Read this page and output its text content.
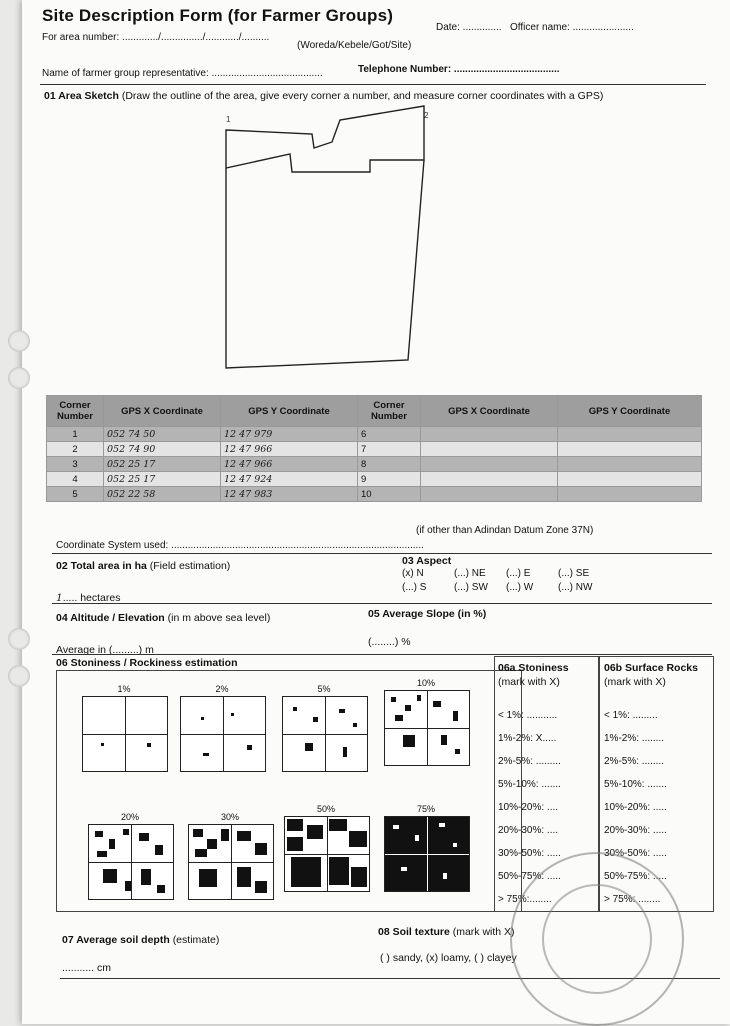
Site Description Form (for Farmer Groups)
For area number: ............./.............../............/..........
Date: .............. Officer name: ......................
(Woreda/Kebele/Got/Site)
Name of farmer group representative: ........................................	Telephone Number: ......................................
01 Area Sketch (Draw the outline of the area, give every corner a number, and measure corner coordinates with a GPS)
1	2
Corner Number	GPS X Coordinate	GPS Y Coordinate	Corner Number	GPS X Coordinate	GPS Y Coordinate
1	052 74 50	12 47 979	6		
2	052 74 90	12 47 966	7		
3	052 25 17	12 47 966	8		
4	052 25 17	12 47 924	9		
5	052 22 58	12 47 983	10		
Coordinate System used: ...........................................................................................
(if other than Adindan Datum Zone 37N)
02 Total area in ha (Field estimation)
1..... hectares
03 Aspect
(x) N	(...) NE (...) E	(...) SE
(...) S	(...) SW (...) W (...) NW
04 Altitude / Elevation (in m above sea level)
Average in (.........) m
05 Average Slope (in %)
(........) %
06 Stoniness / Rockiness estimation
1%	2%	5%
10%
20%	30%
50%	75%
06a Stoniness
(mark with X)
< 1%: ...........
1%-2%: X.....
2%-5%: .........
5%-10%: .......
10%-20%: ....
20%-30%: ....
30%-50%: .....
50%-75%: .....
> 75%:........
06b Surface Rocks
(mark with X)
< 1%: .........
1%-2%: ........
2%-5%: ........
5%-10%: .......
10%-20%: .....
20%-30%: .....
30%-50%: .....
50%-75%: .....
> 75%: ........
07 Average soil depth (estimate)
........... cm
08 Soil texture (mark with X)
( ) sandy, (x) loamy, ( ) clayey
